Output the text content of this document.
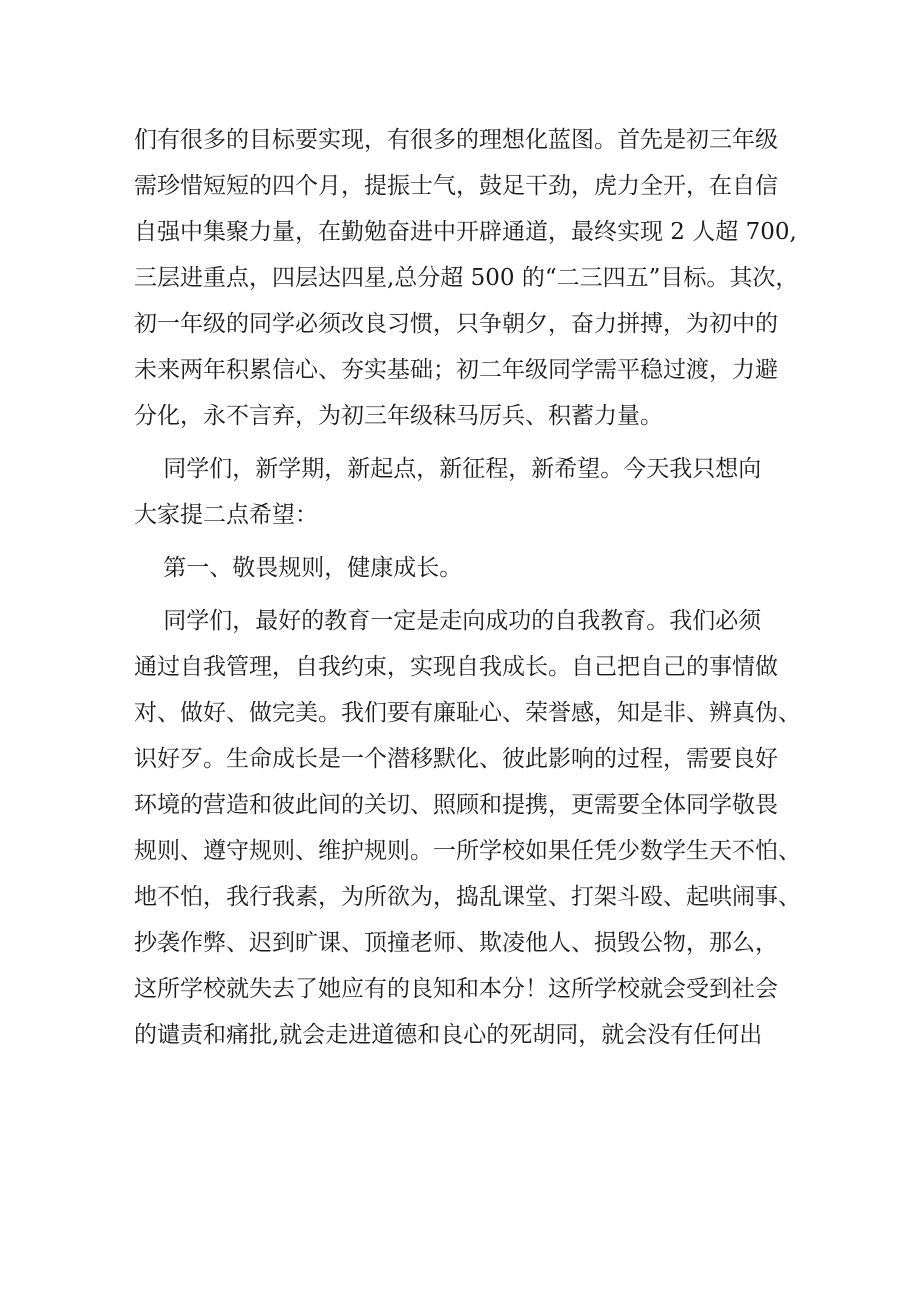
们有很多的目标要实现，有很多的理想化蓝图。首先是初三年级
需珍惜短短的四个月，提振士气，鼓足干劲，虎力全开，在自信
自强中集聚力量，在勤勉奋进中开辟通道，最终实现 2 人超 700,
三层进重点，四层达四星,总分超 500 的“二三四五”目标。其次，
初一年级的同学必须改良习惯，只争朝夕，奋力拼搏，为初中的
未来两年积累信心、夯实基础；初二年级同学需平稳过渡，力避
分化，永不言弃，为初三年级秣马厉兵、积蓄力量。
同学们，新学期，新起点，新征程，新希望。今天我只想向
大家提二点希望：
第一、敬畏规则，健康成长。
同学们，最好的教育一定是走向成功的自我教育。我们必须
通过自我管理，自我约束，实现自我成长。自己把自己的事情做
对、做好、做完美。我们要有廉耻心、荣誉感，知是非、辨真伪、
识好歹。生命成长是一个潜移默化、彼此影响的过程，需要良好
环境的营造和彼此间的关切、照顾和提携，更需要全体同学敬畏
规则、遵守规则、维护规则。一所学校如果任凭少数学生天不怕、
地不怕，我行我素，为所欲为，捣乱课堂、打架斗殴、起哄闹事、
抄袭作弊、迟到旷课、顶撞老师、欺凌他人、损毁公物，那么，
这所学校就失去了她应有的良知和本分！这所学校就会受到社会
的谴责和痛批,就会走进道德和良心的死胡同，就会没有任何出
